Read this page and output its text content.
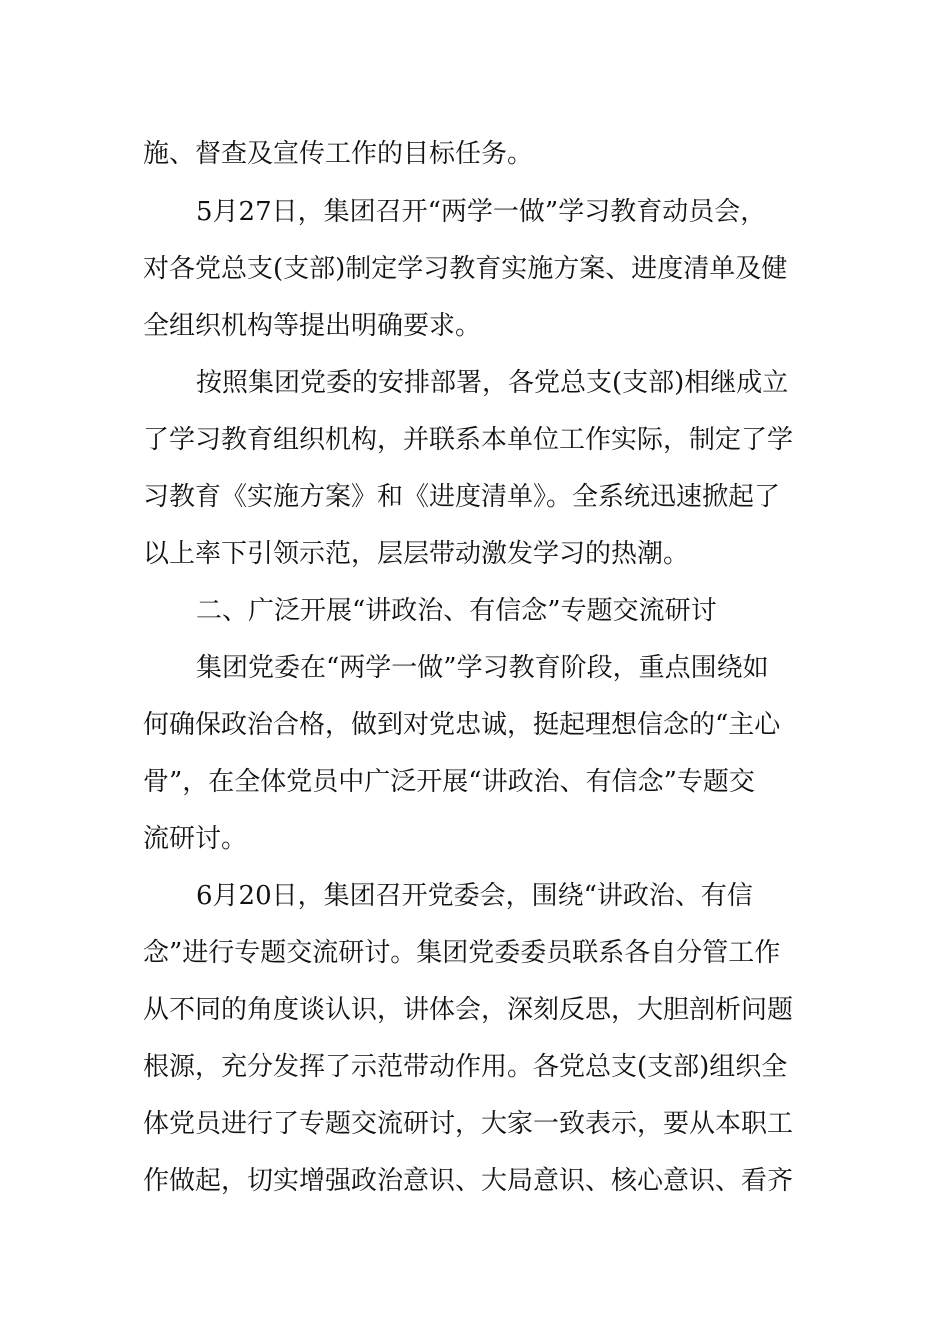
施、督查及宣传工作的目标任务。
5月27日，集团召开“两学一做”学习教育动员会，
对各党总支(支部)制定学习教育实施方案、进度清单及健
全组织机构等提出明确要求。
按照集团党委的安排部署，各党总支(支部)相继成立
了学习教育组织机构，并联系本单位工作实际，制定了学
习教育《实施方案》和《进度清单》。全系统迅速掀起了
以上率下引领示范，层层带动激发学习的热潮。
二、广泛开展“讲政治、有信念”专题交流研讨
集团党委在“两学一做”学习教育阶段，重点围绕如
何确保政治合格，做到对党忠诚，挺起理想信念的“主心
骨”，在全体党员中广泛开展“讲政治、有信念”专题交
流研讨。
6月20日，集团召开党委会，围绕“讲政治、有信
念”进行专题交流研讨。集团党委委员联系各自分管工作
从不同的角度谈认识，讲体会，深刻反思，大胆剖析问题
根源，充分发挥了示范带动作用。各党总支(支部)组织全
体党员进行了专题交流研讨，大家一致表示，要从本职工
作做起，切实增强政治意识、大局意识、核心意识、看齐
